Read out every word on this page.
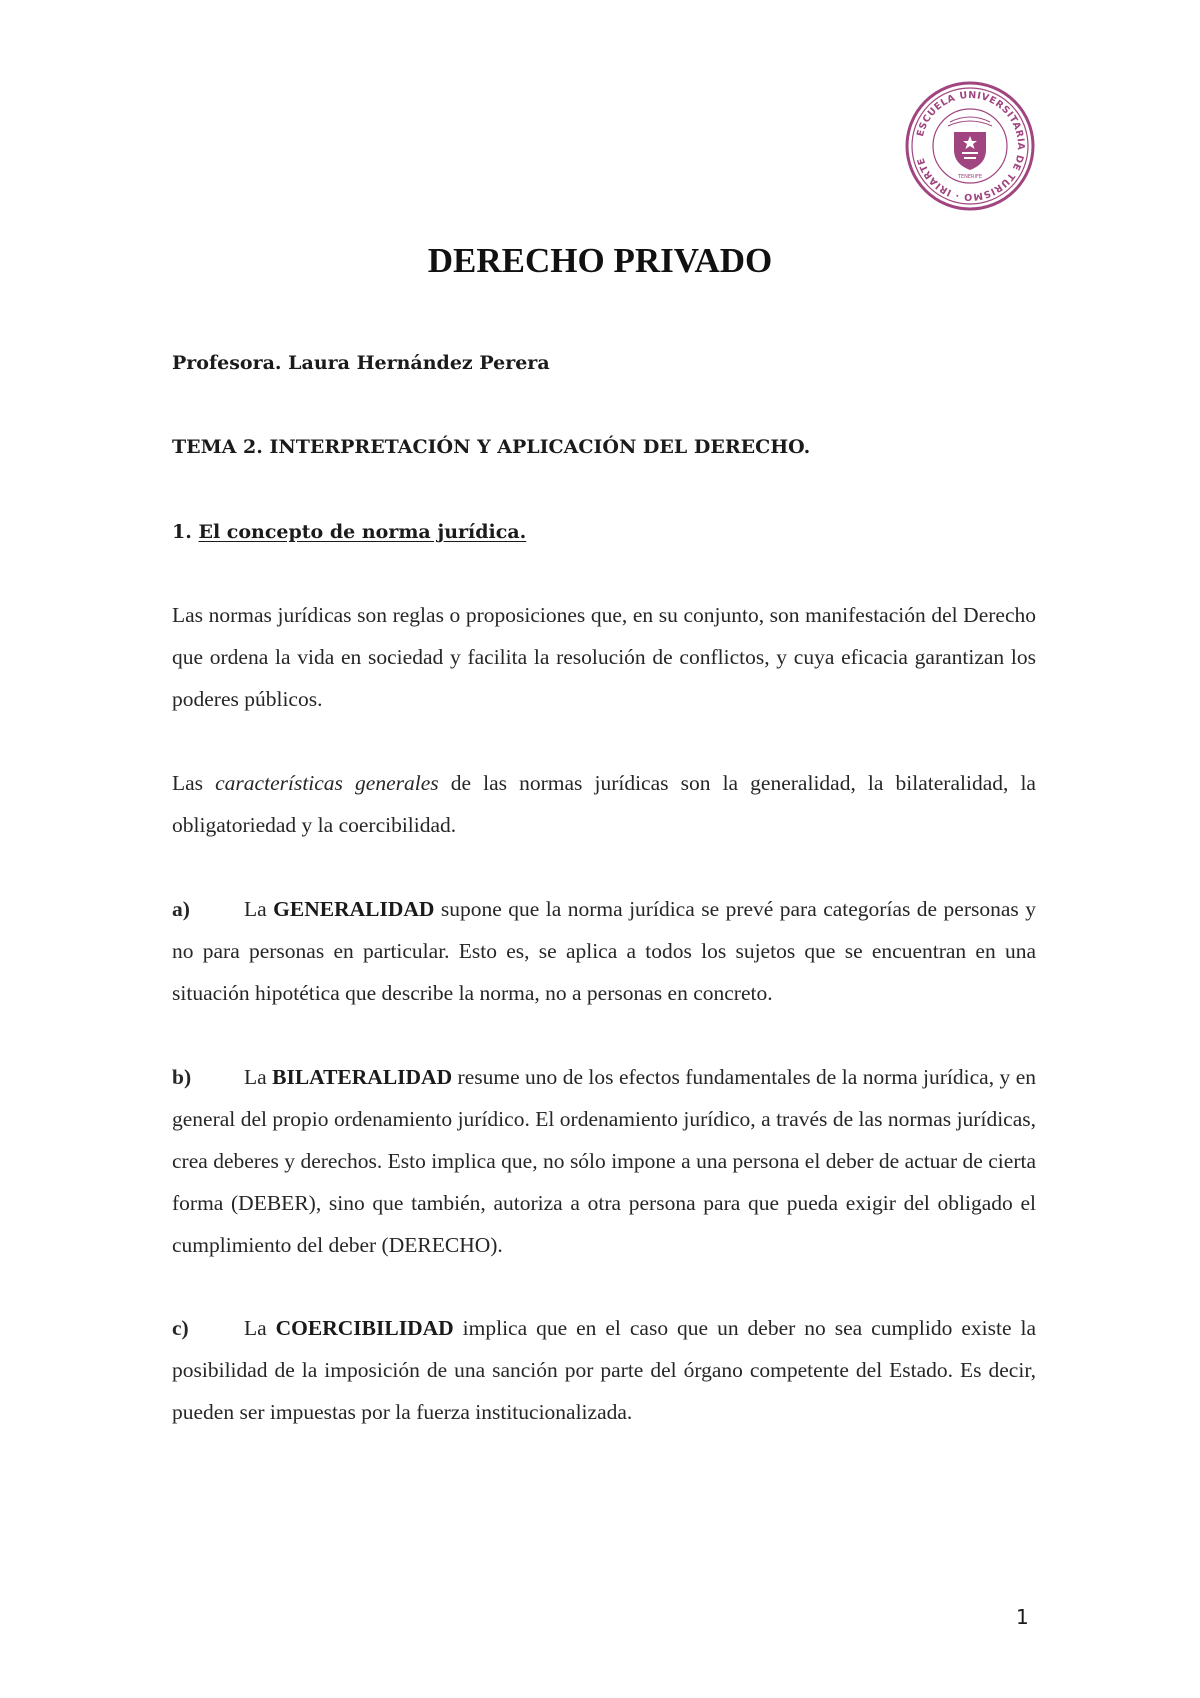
ESCUELA UNIVERSITARIA DE TURISMO · IRIARTE
TENERIFE
DERECHO PRIVADO
Profesora. Laura Hernández Perera
TEMA 2. INTERPRETACIÓN Y APLICACIÓN DEL DERECHO.
1. El concepto de norma jurídica.

Las normas jurídicas son reglas o proposiciones que, en su conjunto, son manifestación del Derecho que ordena la vida en sociedad y facilita la resolución de conflictos, y cuya eficacia garantizan los poderes públicos.

Las características generales de las normas jurídicas son la generalidad, la bilateralidad, la obligatoriedad y la coercibilidad.

a)	La GENERALIDAD supone que la norma jurídica se prevé para categorías de personas y no para personas en particular. Esto es, se aplica a todos los sujetos que se encuentran en una situación hipotética que describe la norma, no a personas en concreto.

b) La BILATERALIDAD resume uno de los efectos fundamentales de la norma jurídica, y en general del propio ordenamiento jurídico. El ordenamiento jurídico, a través de las normas jurídicas, crea deberes y derechos. Esto implica que, no sólo impone a una persona el deber de actuar de cierta forma (DEBER), sino que también, autoriza a otra persona para que pueda exigir del obligado el cumplimiento del deber (DERECHO).

c)	La COERCIBILIDAD implica que en el caso que un deber no sea cumplido existe la posibilidad de la imposición de una sanción por parte del órgano competente del Estado. Es decir, pueden ser impuestas por la fuerza institucionalizada.

1
